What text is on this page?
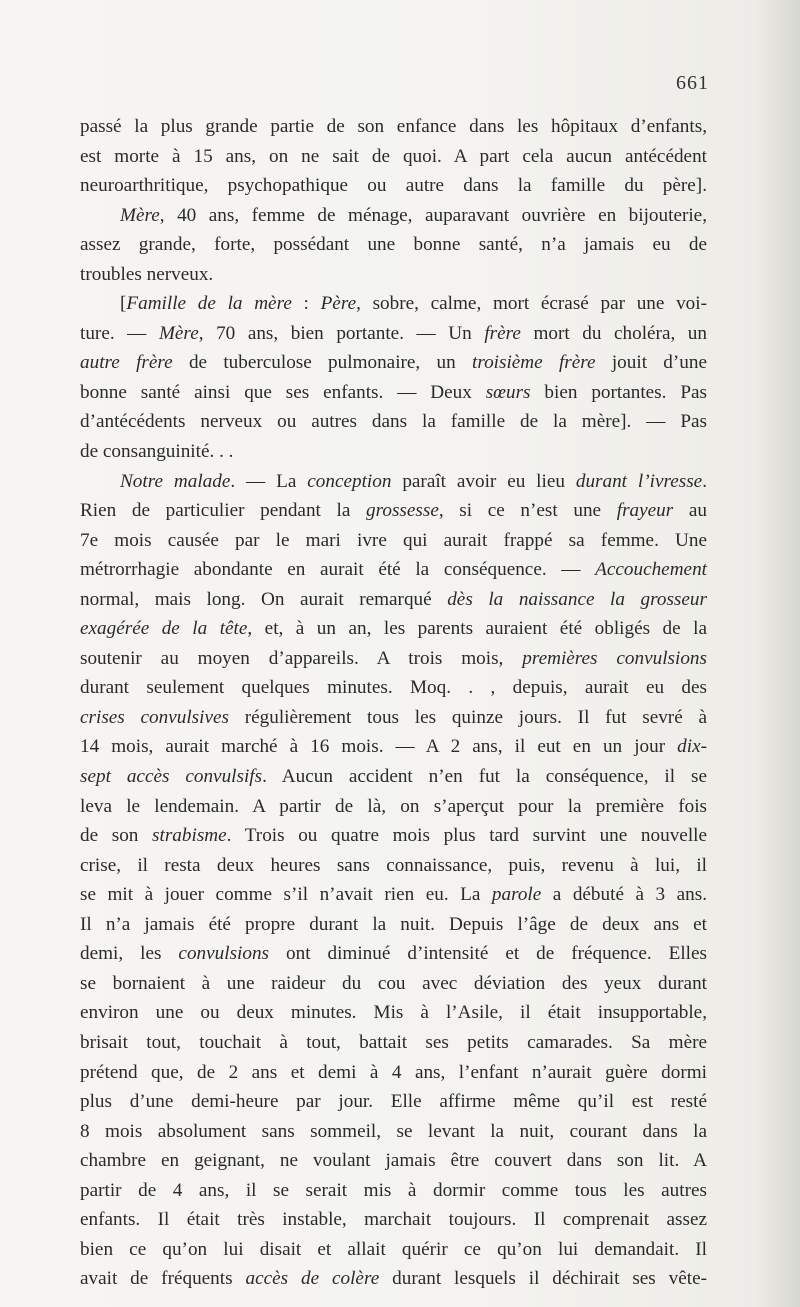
661
passé la plus grande partie de son enfance dans les hôpitaux d’enfants,
est morte à 15 ans, on ne sait de quoi. A part cela aucun antécédent
neuroarthritique, psychopathique ou autre dans la famille du père].
Mère, 40 ans, femme de ménage, auparavant ouvrière en bijouterie,
assez grande, forte, possédant une bonne santé, n’a jamais eu de
troubles nerveux.
[Famille de la mère : Père, sobre, calme, mort écrasé par une voi-
ture. — Mère, 70 ans, bien portante. — Un frère mort du choléra, un
autre frère de tuberculose pulmonaire, un troisième frère jouit d’une
bonne santé ainsi que ses enfants. — Deux sœurs bien portantes. Pas
d’antécédents nerveux ou autres dans la famille de la mère]. — Pas
de consanguinité. . .
Notre malade. — La conception paraît avoir eu lieu durant l’ivresse.
Rien de particulier pendant la grossesse, si ce n’est une frayeur au
7e mois causée par le mari ivre qui aurait frappé sa femme. Une
métrorrhagie abondante en aurait été la conséquence. — Accouchement
normal, mais long. On aurait remarqué dès la naissance la grosseur
exagérée de la tête, et, à un an, les parents auraient été obligés de la
soutenir au moyen d’appareils. A trois mois, premières convulsions
durant seulement quelques minutes. Moq. . , depuis, aurait eu des
crises convulsives régulièrement tous les quinze jours. Il fut sevré à
14 mois, aurait marché à 16 mois. — A 2 ans, il eut en un jour dix-
sept accès convulsifs. Aucun accident n’en fut la conséquence, il se
leva le lendemain. A partir de là, on s’aperçut pour la première fois
de son strabisme. Trois ou quatre mois plus tard survint une nouvelle
crise, il resta deux heures sans connaissance, puis, revenu à lui, il
se mit à jouer comme s’il n’avait rien eu. La parole a débuté à 3 ans.
Il n’a jamais été propre durant la nuit. Depuis l’âge de deux ans et
demi, les convulsions ont diminué d’intensité et de fréquence. Elles
se bornaient à une raideur du cou avec déviation des yeux durant
environ une ou deux minutes. Mis à l’Asile, il était insupportable,
brisait tout, touchait à tout, battait ses petits camarades. Sa mère
prétend que, de 2 ans et demi à 4 ans, l’enfant n’aurait guère dormi
plus d’une demi-heure par jour. Elle affirme même qu’il est resté
8 mois absolument sans sommeil, se levant la nuit, courant dans la
chambre en geignant, ne voulant jamais être couvert dans son lit. A
partir de 4 ans, il se serait mis à dormir comme tous les autres
enfants. Il était très instable, marchait toujours. Il comprenait assez
bien ce qu’on lui disait et allait quérir ce qu’on lui demandait. Il
avait de fréquents accès de colère durant lesquels il déchirait ses vête-
